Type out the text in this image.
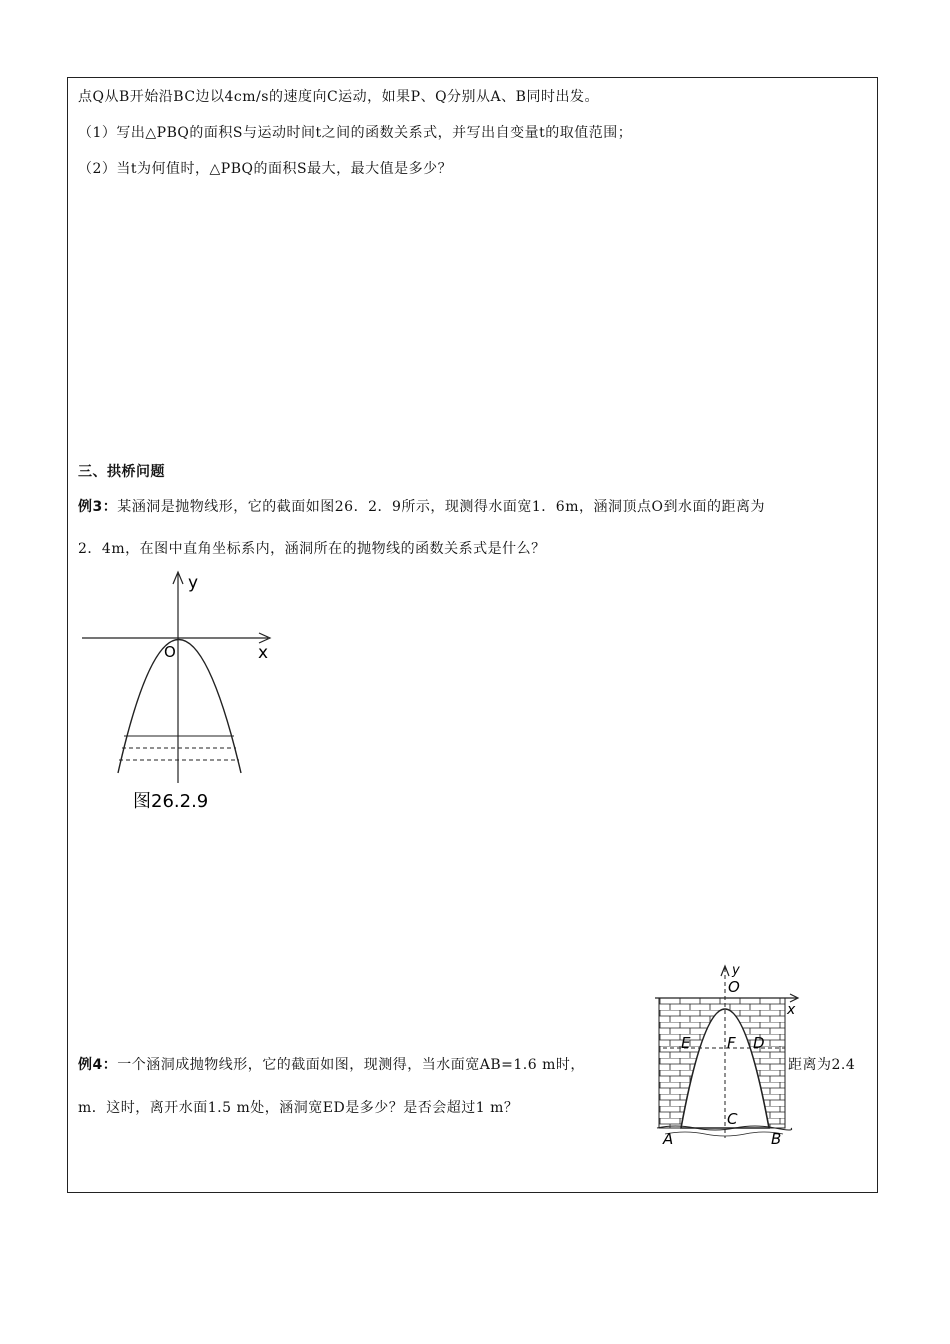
点Q从B开始沿BC边以4cm/s的速度向C运动，如果P、Q分别从A、B同时出发。
（1）写出△PBQ的面积S与运动时间t之间的函数关系式，并写出自变量t的取值范围；
（2）当t为何值时，△PBQ的面积S最大，最大值是多少？
三、拱桥问题
例3：某涵洞是抛物线形，它的截面如图26．2．9所示，现测得水面宽1．6m，涵洞顶点O到水面的距离为
2．4m，在图中直角坐标系内，涵洞所在的抛物线的函数关系式是什么？
y
x
O
图26.2.9
例4：一个涵洞成抛物线形，它的截面如图，现测得，当水面宽AB=1.6 m时，	距离为2.4
m．这时，离开水面1.5 m处，涵洞宽ED是多少？是否会超过1 m？
y
x
O
E F D
C
A	B
